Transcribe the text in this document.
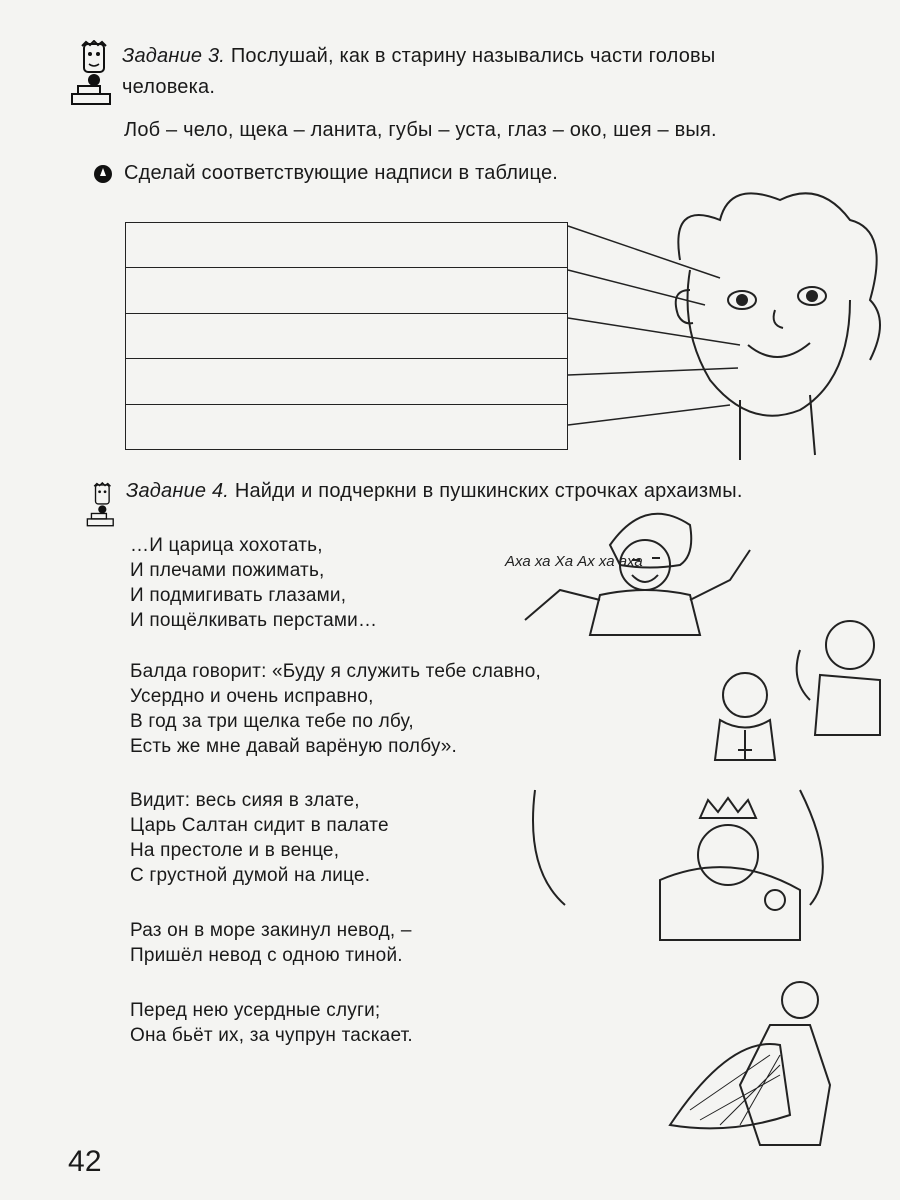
Задание 3. Послушай, как в старину назывались части головы
человека.
Лоб – чело, щека – ланита, губы – уста, глаз – око, шея – выя.
Сделай соответствующие надписи в таблице.

Аха ха Ха Ах ха аха
Задание 4. Найди и подчеркни в пушкинских строчках архаизмы.
…И царица хохотать,
И плечами пожимать,
И подмигивать глазами,
И пощёлкивать перстами…
Балда говорит: «Буду я служить тебе славно,
Усердно и очень исправно,
В год за три щелка тебе по лбу,
Есть же мне давай варёную полбу».
Видит: весь сияя в злате,
Царь Салтан сидит в палате
На престоле и в венце,
С грустной думой на лице.
Раз он в море закинул невод, –
Пришёл невод с одною тиной.
Перед нею усердные слуги;
Она бьёт их, за чупрун таскает.
42
